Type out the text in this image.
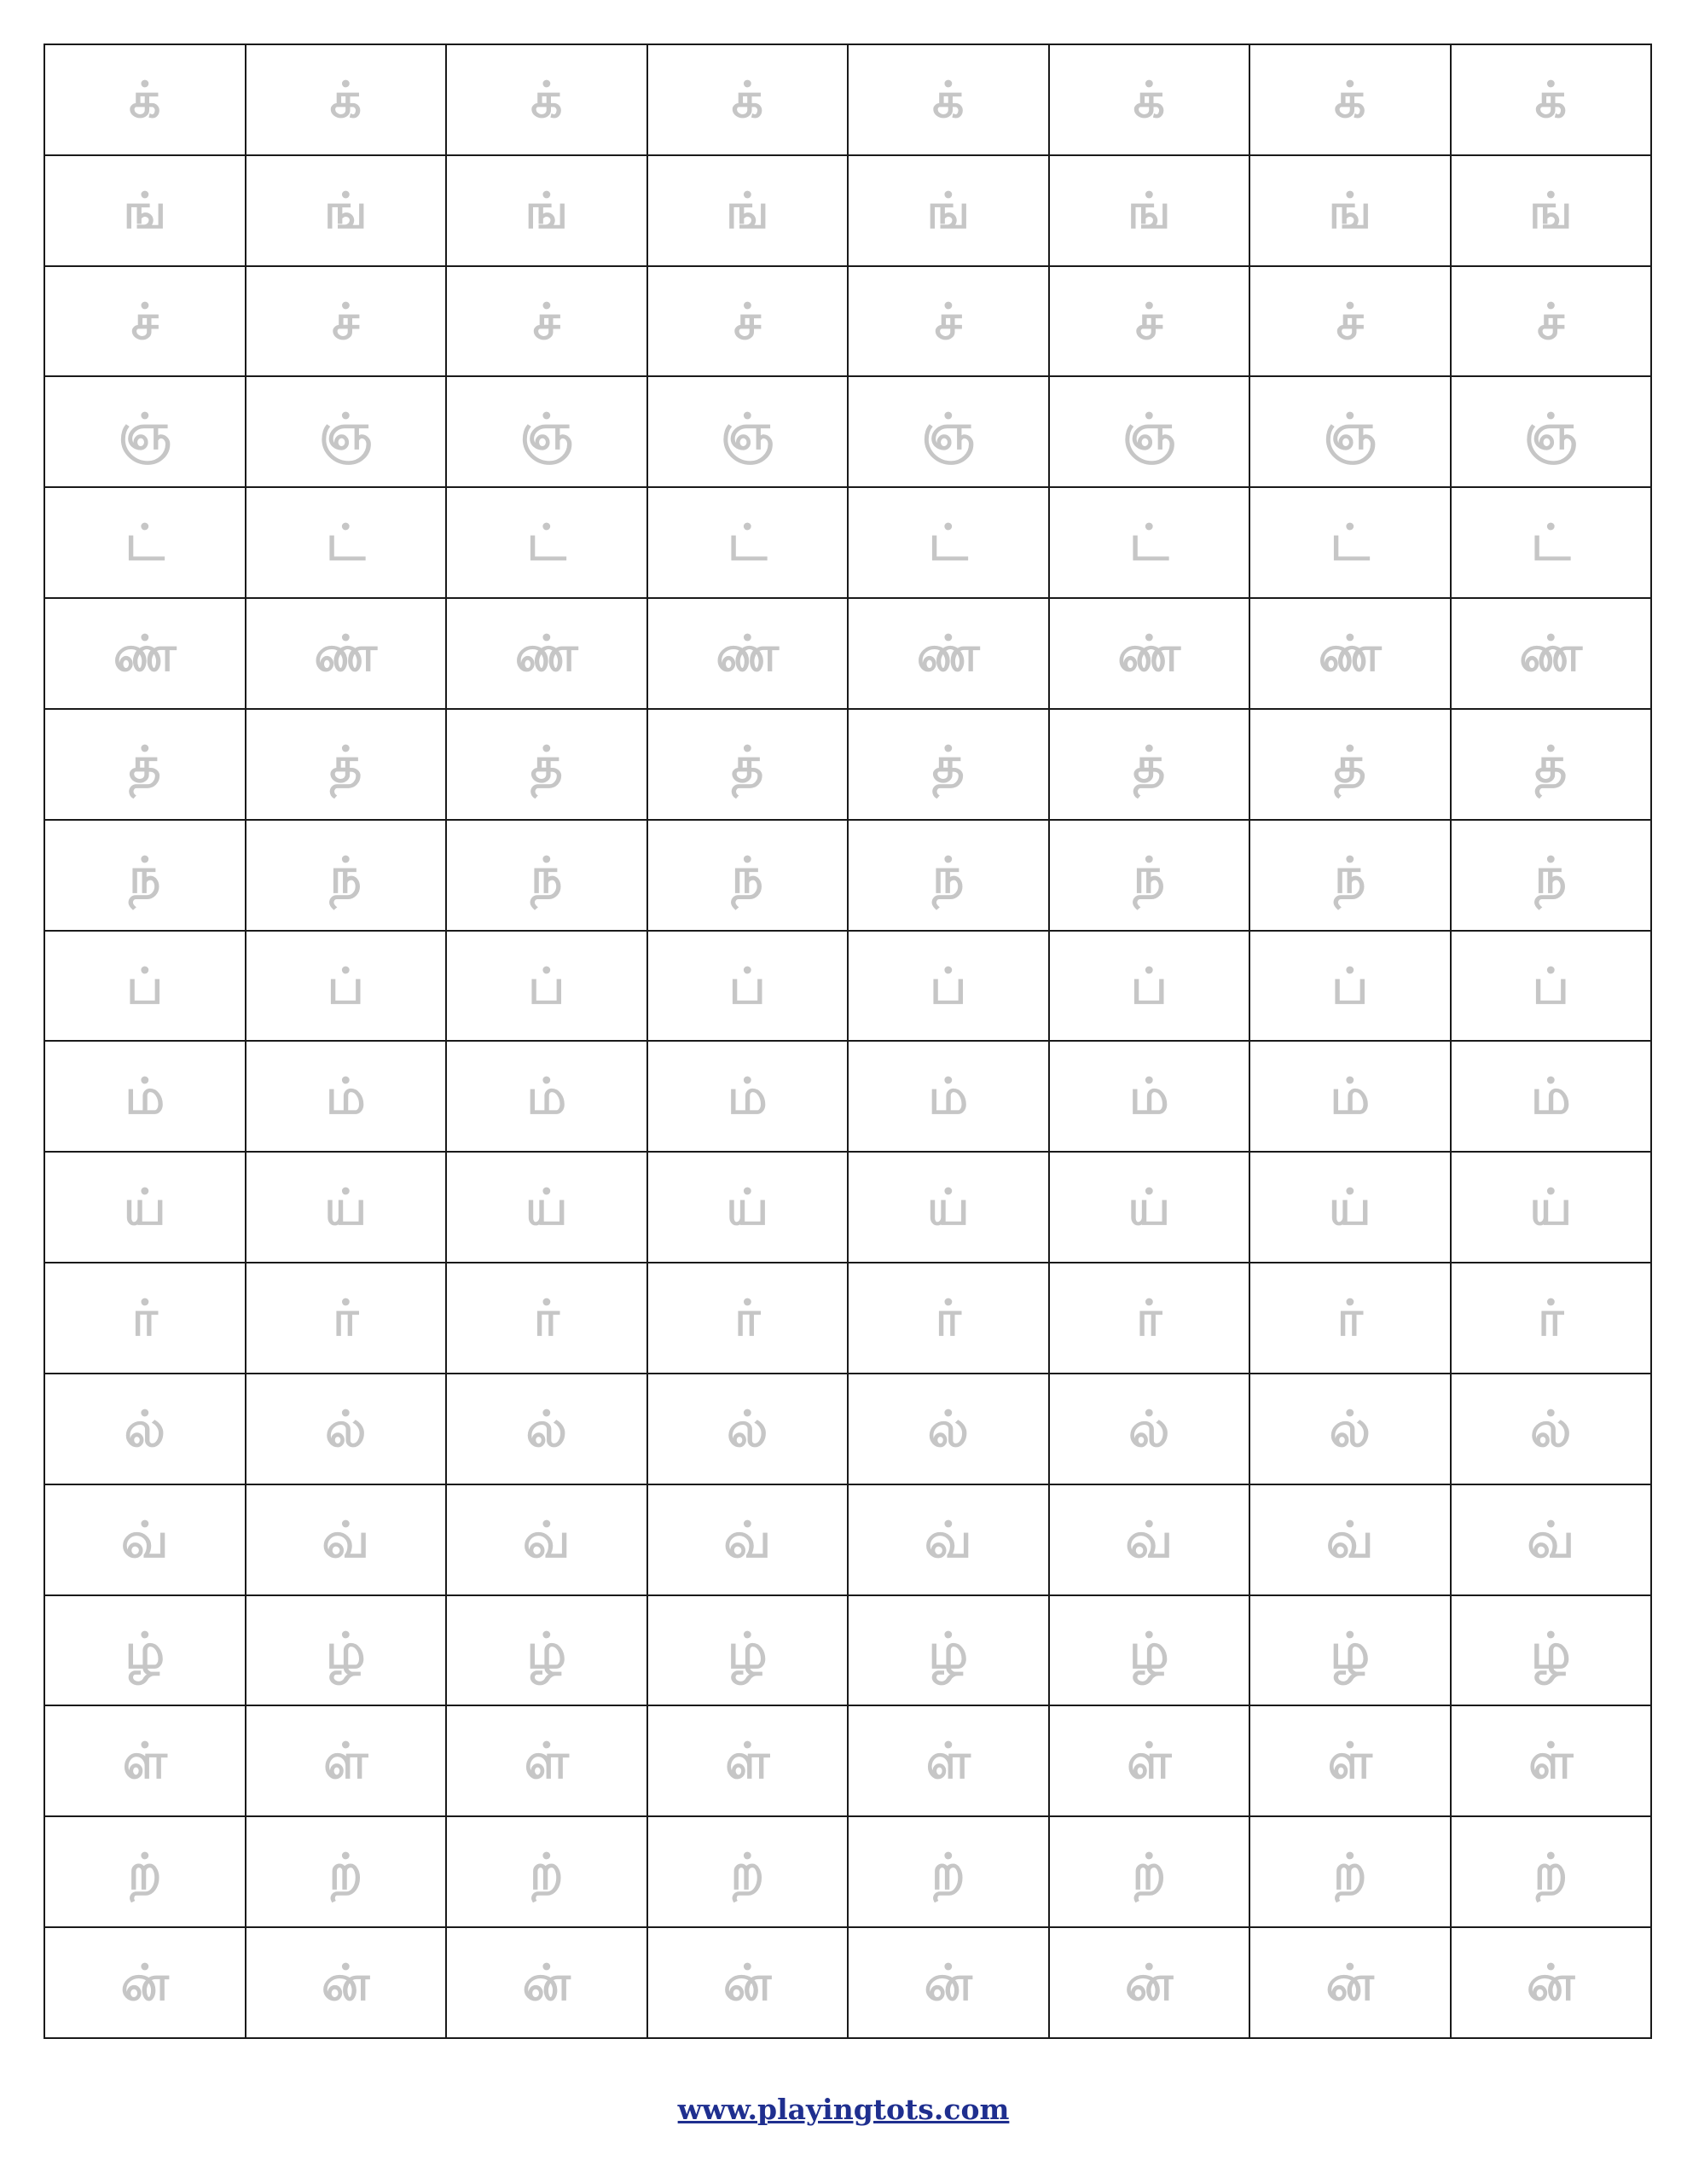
க்	க்	க்	க்	க்	க்	க்	க்
ங்	ங்	ங்	ங்	ங்	ங்	ங்	ங்
ச்	ச்	ச்	ச்	ச்	ச்	ச்	ச்
ஞ்	ஞ்	ஞ்	ஞ்	ஞ்	ஞ்	ஞ்	ஞ்
ட்	ட்	ட்	ட்	ட்	ட்	ட்	ட்
ண்	ண்	ண்	ண்	ண்	ண்	ண்	ண்
த்	த்	த்	த்	த்	த்	த்	த்
ந்	ந்	ந்	ந்	ந்	ந்	ந்	ந்
ப்	ப்	ப்	ப்	ப்	ப்	ப்	ப்
ம்	ம்	ம்	ம்	ம்	ம்	ம்	ம்
ய்	ய்	ய்	ய்	ய்	ய்	ய்	ய்
ர்	ர்	ர்	ர்	ர்	ர்	ர்	ர்
ல்	ல்	ல்	ல்	ல்	ல்	ல்	ல்
வ்	வ்	வ்	வ்	வ்	வ்	வ்	வ்
ழ்	ழ்	ழ்	ழ்	ழ்	ழ்	ழ்	ழ்
ள்	ள்	ள்	ள்	ள்	ள்	ள்	ள்
ற்	ற்	ற்	ற்	ற்	ற்	ற்	ற்
ன்	ன்	ன்	ன்	ன்	ன்	ன்	ன்
www.playingtots.com
